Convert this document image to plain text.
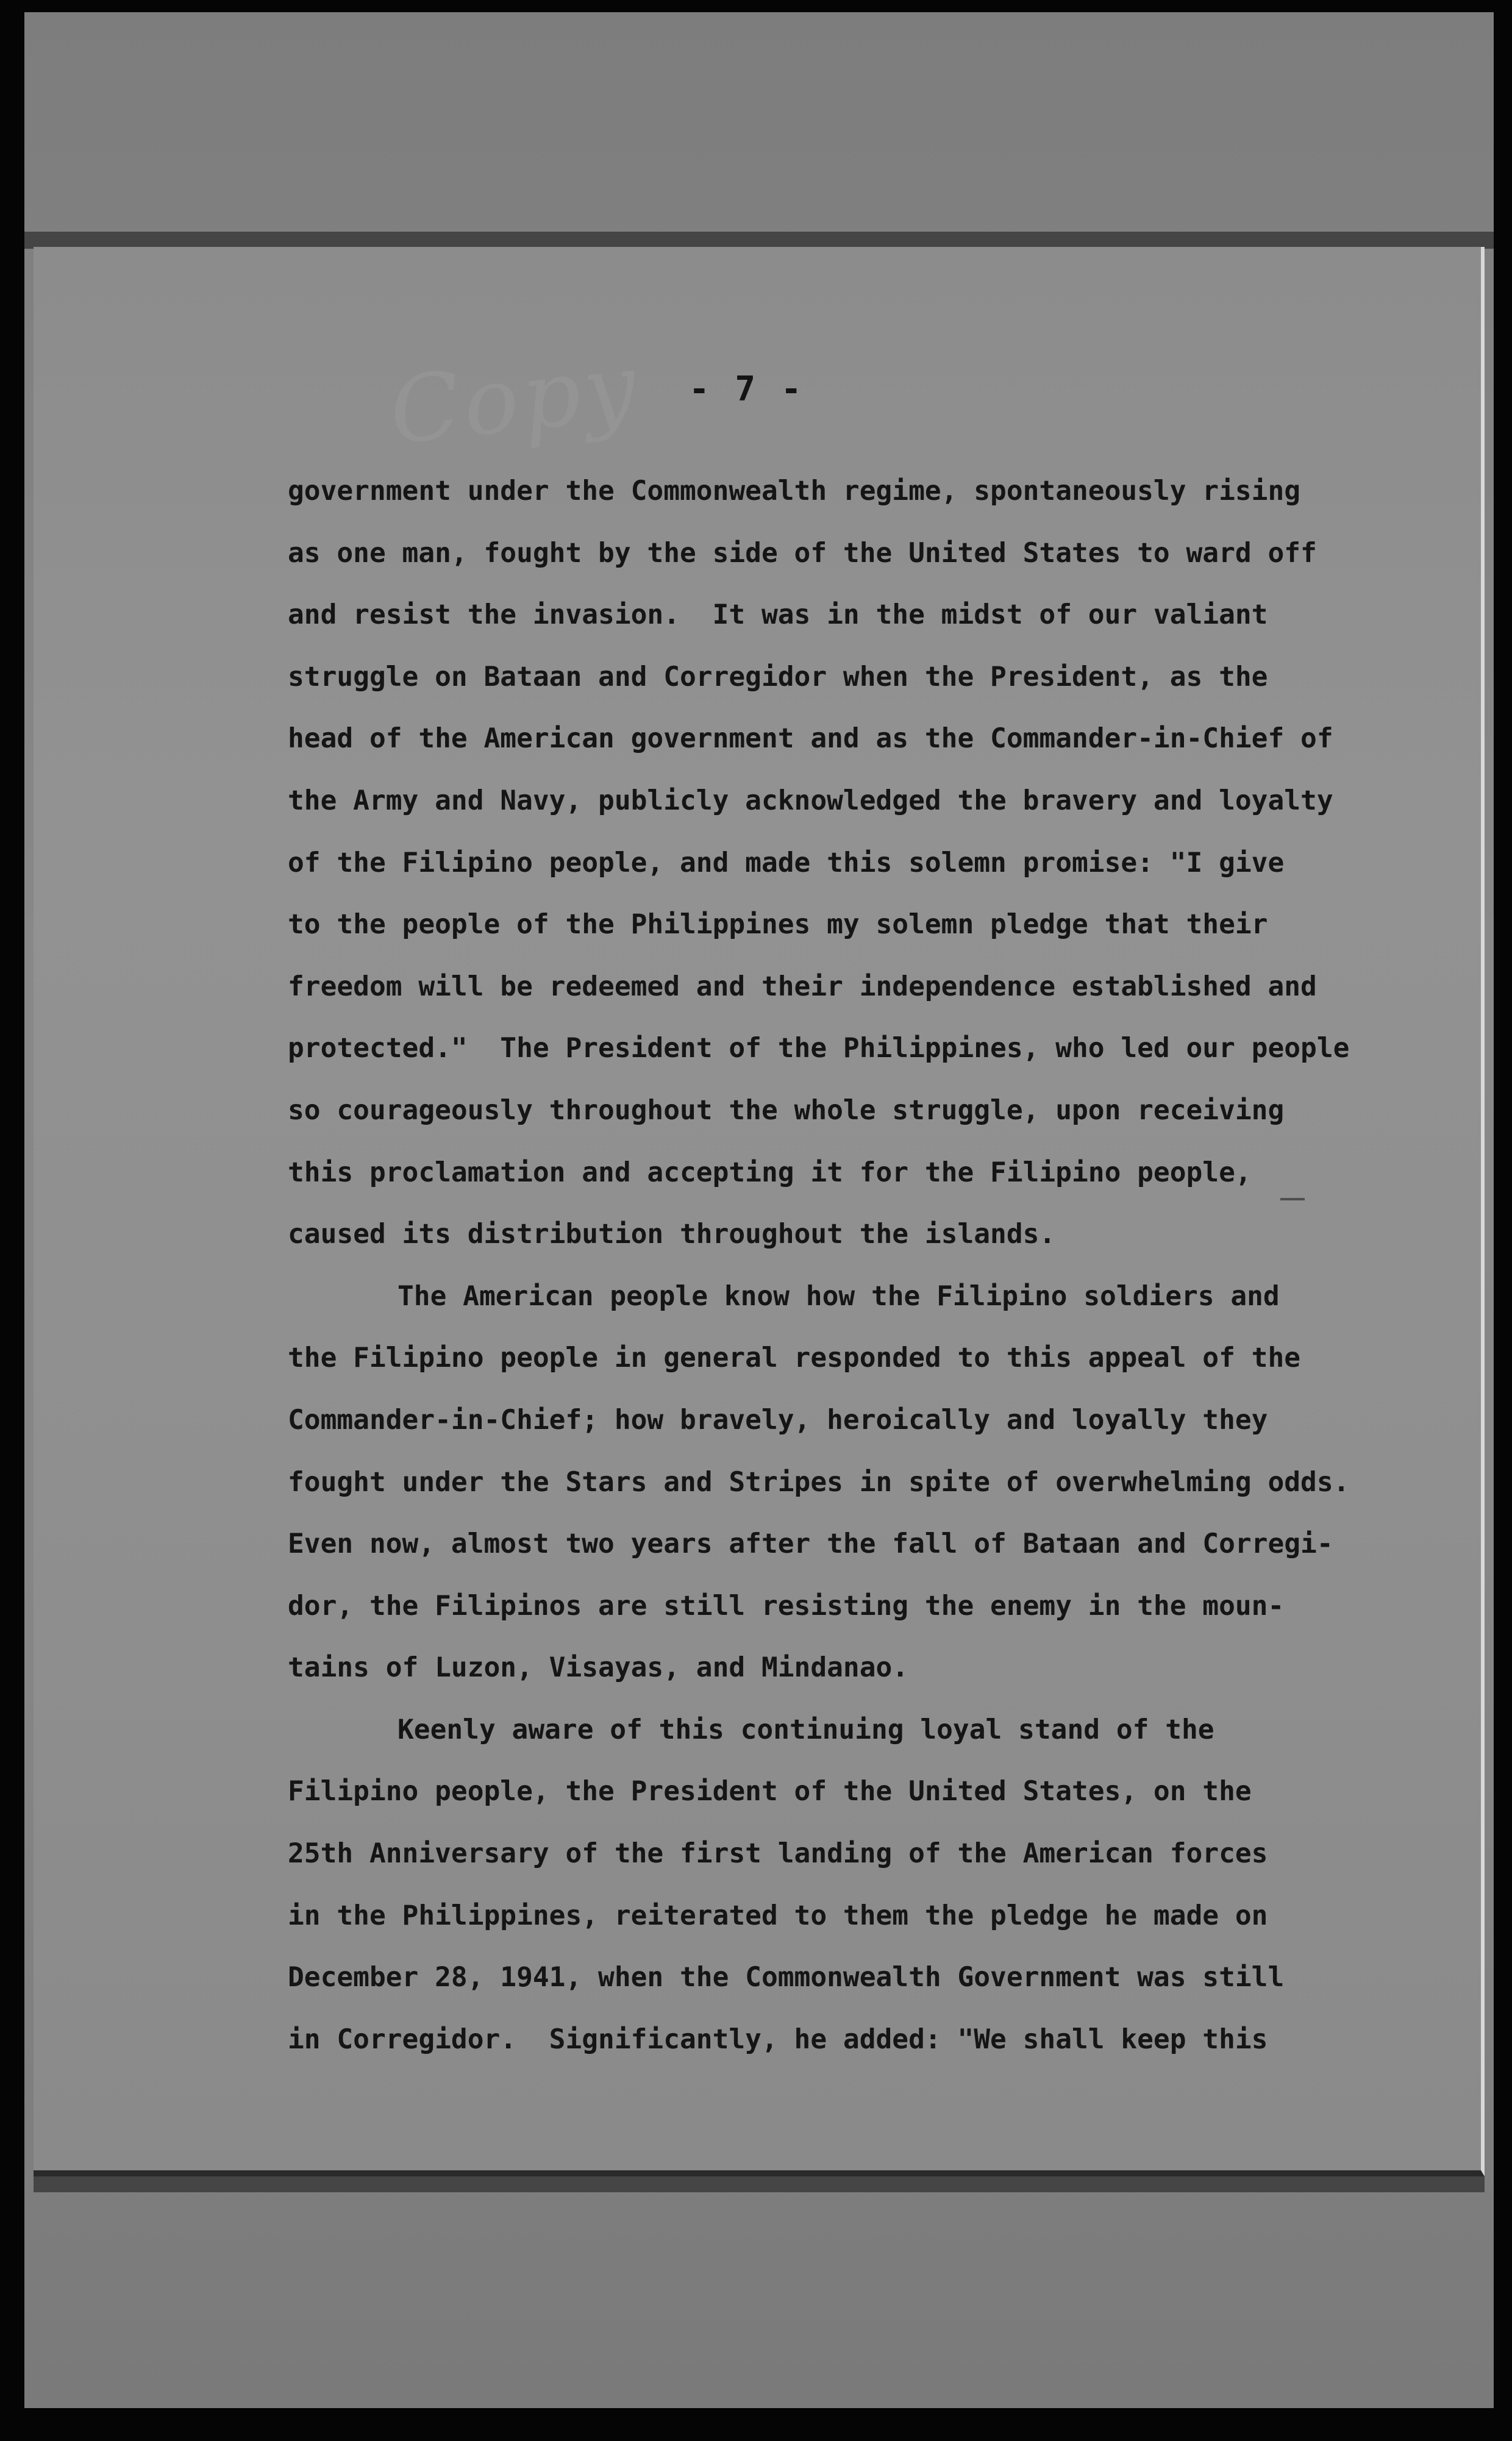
Copy	- 7 -
government under the Commonwealth regime, spontaneously rising
as one man, fought by the side of the United States to ward off
and resist the invasion.  It was in the midst of our valiant
struggle on Bataan and Corregidor when the President, as the
head of the American government and as the Commander-in-Chief of
the Army and Navy, publicly acknowledged the bravery and loyalty
of the Filipino people, and made this solemn promise: "I give
to the people of the Philippines my solemn pledge that their
freedom will be redeemed and their independence established and
protected."  The President of the Philippines, who led our people
so courageously throughout the whole struggle, upon receiving
this proclamation and accepting it for the Filipino people,
caused its distribution throughout the islands.
The American people know how the Filipino soldiers and
the Filipino people in general responded to this appeal of the
Commander-in-Chief; how bravely, heroically and loyally they
fought under the Stars and Stripes in spite of overwhelming odds.
Even now, almost two years after the fall of Bataan and Corregi-
dor, the Filipinos are still resisting the enemy in the moun-
tains of Luzon, Visayas, and Mindanao.
Keenly aware of this continuing loyal stand of the
Filipino people, the President of the United States, on the
25th Anniversary of the first landing of the American forces
in the Philippines, reiterated to them the pledge he made on
December 28, 1941, when the Commonwealth Government was still
in Corregidor.  Significantly, he added: "We shall keep this
